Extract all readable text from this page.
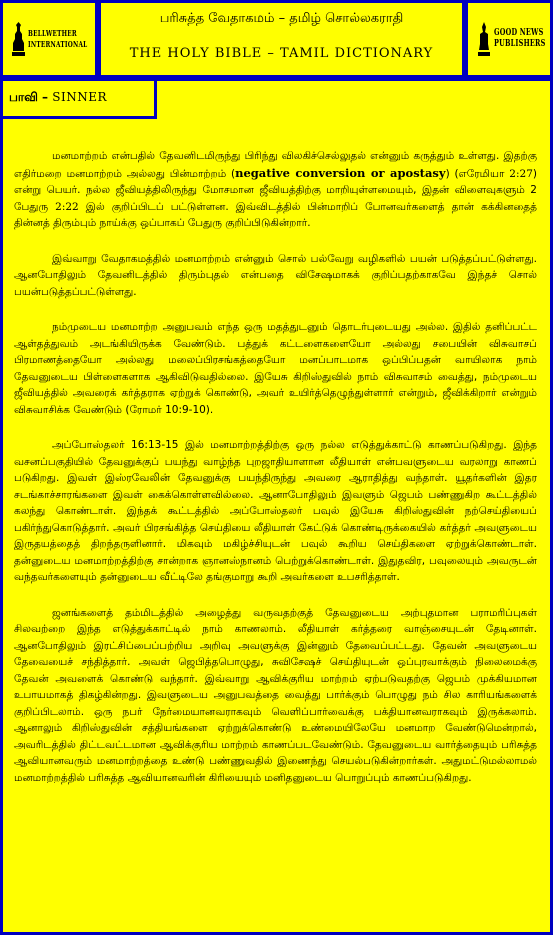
BELLWETHER
INTERNATIONAL
பரிசுத்த வேதாகமம் – தமிழ் சொல்லகராதி
THE HOLY BIBLE – TAMIL DICTIONARY
GOOD NEWS
PUBLISHERS
பாவி – SINNER

மனமாற்றம் என்பதில் தேவனிடமிருந்து பிரிந்து விலகிச்செல்லுதல் என்னும் கருத்தும் உள்ளது. இதற்கு எதிர்மறை மனமாற்றம் அல்லது பின்மாற்றம் (negative conversion or apostasy) (எரேமியா 2:27) என்று பெயர். நல்ல ஜீவியத்திலிருந்து மோசமான ஜீவியத்திற்கு மாறியுள்ளமையும், இதன் விளைவுகளும் 2 பேதுரு 2:22 இல் குறிப்பிடப் பட்டுள்ளன. இவ்விடத்தில் பின்மாறிப் போனவர்களைத் தான் கக்கினதைத் தின்னத் திரும்பும் நாய்க்கு ஒப்பாகப் பேதுரு குறிப்பிடுகின்றார்.

இவ்வாறு வேதாகமத்தில் மனமாற்றம் என்னும் சொல் பல்வேறு வழிகளில் பயன் படுத்தப்பட்டுள்ளது. ஆனபோதிலும் தேவனிடத்தில் திரும்புதல் என்பதை விசேஷமாகக் குறிப்பதற்காகவே இந்தச் சொல் பயன்படுத்தப்பட்டுள்ளது.

நம்முடைய மனமாற்ற அனுபவம் எந்த ஒரு மதத்துடனும் தொடர்புடையது அல்ல. இதில் தனிப்பட்ட ஆள்தத்துவம் அடங்கியிருக்க வேண்டும். பத்துக் கட்டளைகளையோ அல்லது சபையின் விசுவாசப் பிரமாணத்தையோ அல்லது மலைப்பிரசங்கத்தையோ மனப்பாடமாக ஒப்பிப்பதன் வாயிலாக நாம் தேவனுடைய பிள்ளைகளாக ஆகிவிடுவதில்லை. இயேசு கிறிஸ்துவில் நாம் விசுவாசம் வைத்து, நம்முடைய ஜீவியத்தில் அவரைக் கர்த்தராக ஏற்றுக் கொண்டு, அவர் உயிர்த்தெழுந்துள்ளார் என்றும், ஜீவிக்கிறார் என்றும் விசுவாசிக்க வேண்டும் (ரோமர் 10:9-10).

அப்போஸ்தலர் 16:13-15 இல் மனமாற்றத்திற்கு ஒரு நல்ல எடுத்துக்காட்டு காணப்படுகிறது. இந்த வசனப்பகுதியில் தேவனுக்குப் பயந்து வாழ்ந்த புறஜாதியாளான லீதியாள் என்பவளுடைய வரலாறு காணப் படுகிறது. இவள் இஸ்ரவேலின் தேவனுக்கு பயந்திருந்து அவரை ஆராதித்து வந்தாள். யூதர்களின் இதர சடங்காச்சாரங்களை இவள் கைக்கொள்ளவில்லை. ஆனாபோதிலும் இவளும் ஜெபம் பண்ணுகிற கூட்டத்தில் கலந்து கொண்டாள். இந்தக் கூட்டத்தில் அப்போஸ்தலர் பவுல் இயேசு கிறிஸ்துவின் நற்செய்தியைப் பகிர்ந்துகொடுத்தார். அவர் பிரசங்கித்த செய்தியை லீதியாள் கேட்டுக் கொண்டிருக்கையில் கர்த்தர் அவளுடைய இருதயத்தைத் திறந்தருளினார். மிகவும் மகிழ்ச்சியுடன் பவுல் கூறிய செய்திகளை ஏற்றுக்கொண்டாள். தன்னுடைய மனமாற்றத்திற்கு சான்றாக ஞானஸ்நானம் பெற்றுக்கொண்டாள். இதுதவிர, பவுலையும் அவருடன் வந்தவர்களையும் தன்னுடைய வீட்டிலே தங்குமாறு கூறி அவர்களை உபசரித்தாள்.

ஜனங்களைத் தம்மிடத்தில் அழைத்து வருவதற்குத் தேவனுடைய அற்புதமான பராமரிப்புகள் சிலவற்றை இந்த எடுத்துக்காட்டில் நாம் காணலாம். லீதியாள் கர்த்தரை வாஞ்சையுடன் தேடினாள். ஆனபோதிலும் இரட்சிப்பைப்பற்றிய அறிவு அவளுக்கு இன்னும் தேவைப்பட்டது. தேவன் அவளுடைய தேவையைச் சந்தித்தார். அவள் ஜெபித்தபொழுது, சுவிசேஷச் செய்தியுடன் ஒப்புரவாக்கும் நிலைமைக்கு தேவன் அவளைக் கொண்டு வந்தார். இவ்வாறு ஆவிக்குரிய மாற்றம் ஏற்படுவதற்கு ஜெபம் முக்கியமான உபாயமாகத் திகழ்கின்றது. இவளுடைய அனுபவத்தை வைத்து பார்க்கும் பொழுது நம் சில காரியங்களைக் குறிப்பிடலாம். ஒரு நபர் நேர்மையானவராகவும் வெளிப்பார்வைக்கு பக்தியானவராகவும் இருக்கலாம். ஆனாலும் கிறிஸ்துவின் சத்தியங்களை ஏற்றுக்கொண்டு உண்மையிலேயே மனமாற வேண்டுமென்றால், அவரிடத்தில் திட்டவட்டமான ஆவிக்குரிய மாற்றம் காணப்படவேண்டும். தேவனுடைய வார்த்தையும் பரிசுத்த ஆவியானவரும் மனமாற்றத்தை உண்டு பண்ணுவதில் இணைந்து செயல்படுகின்றார்கள். அதுமட்டுமல்லாமல் மனமாற்றத்தில் பரிசுத்த ஆவியானவரின் கிரியையும் மனிதனுடைய பொறுப்பும் காணப்படுகிறது.
